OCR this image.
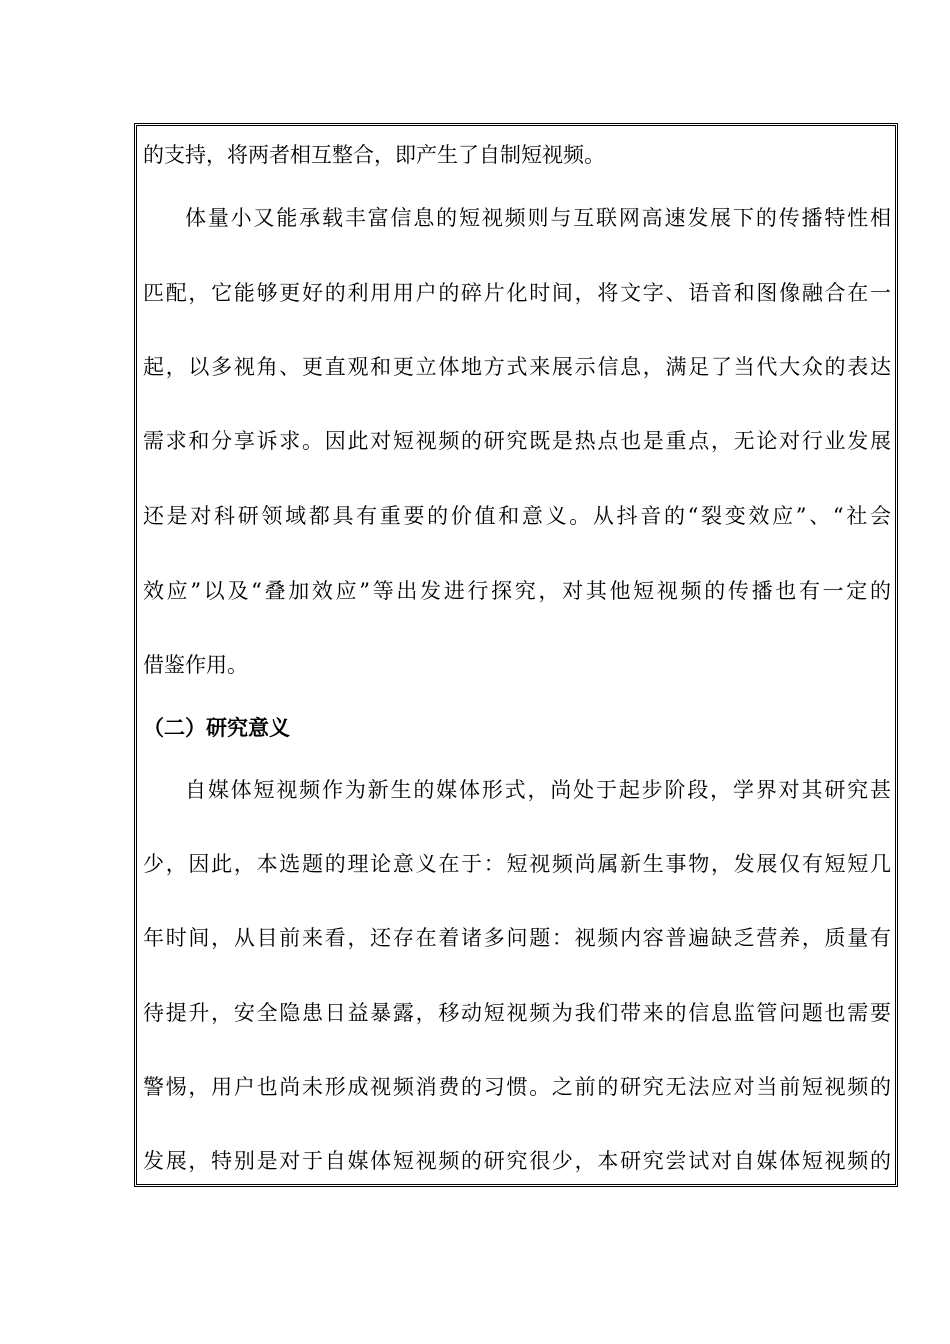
的支持，将两者相互整合，即产生了自制短视频。
体量小又能承载丰富信息的短视频则与互联网高速发展下的传播特性相
匹配，它能够更好的利用用户的碎片化时间，将文字、语音和图像融合在一
起，以多视角、更直观和更立体地方式来展示信息，满足了当代大众的表达
需求和分享诉求。因此对短视频的研究既是热点也是重点，无论对行业发展
还是对科研领域都具有重要的价值和意义。从抖音的“裂变效应”、“社会
效应”以及“叠加效应”等出发进行探究，对其他短视频的传播也有一定的
借鉴作用。
（二）研究意义
自媒体短视频作为新生的媒体形式，尚处于起步阶段，学界对其研究甚
少，因此，本选题的理论意义在于：短视频尚属新生事物，发展仅有短短几
年时间，从目前来看，还存在着诸多问题：视频内容普遍缺乏营养，质量有
待提升，安全隐患日益暴露，移动短视频为我们带来的信息监管问题也需要
警惕，用户也尚未形成视频消费的习惯。之前的研究无法应对当前短视频的
发展，特别是对于自媒体短视频的研究很少，本研究尝试对自媒体短视频的
